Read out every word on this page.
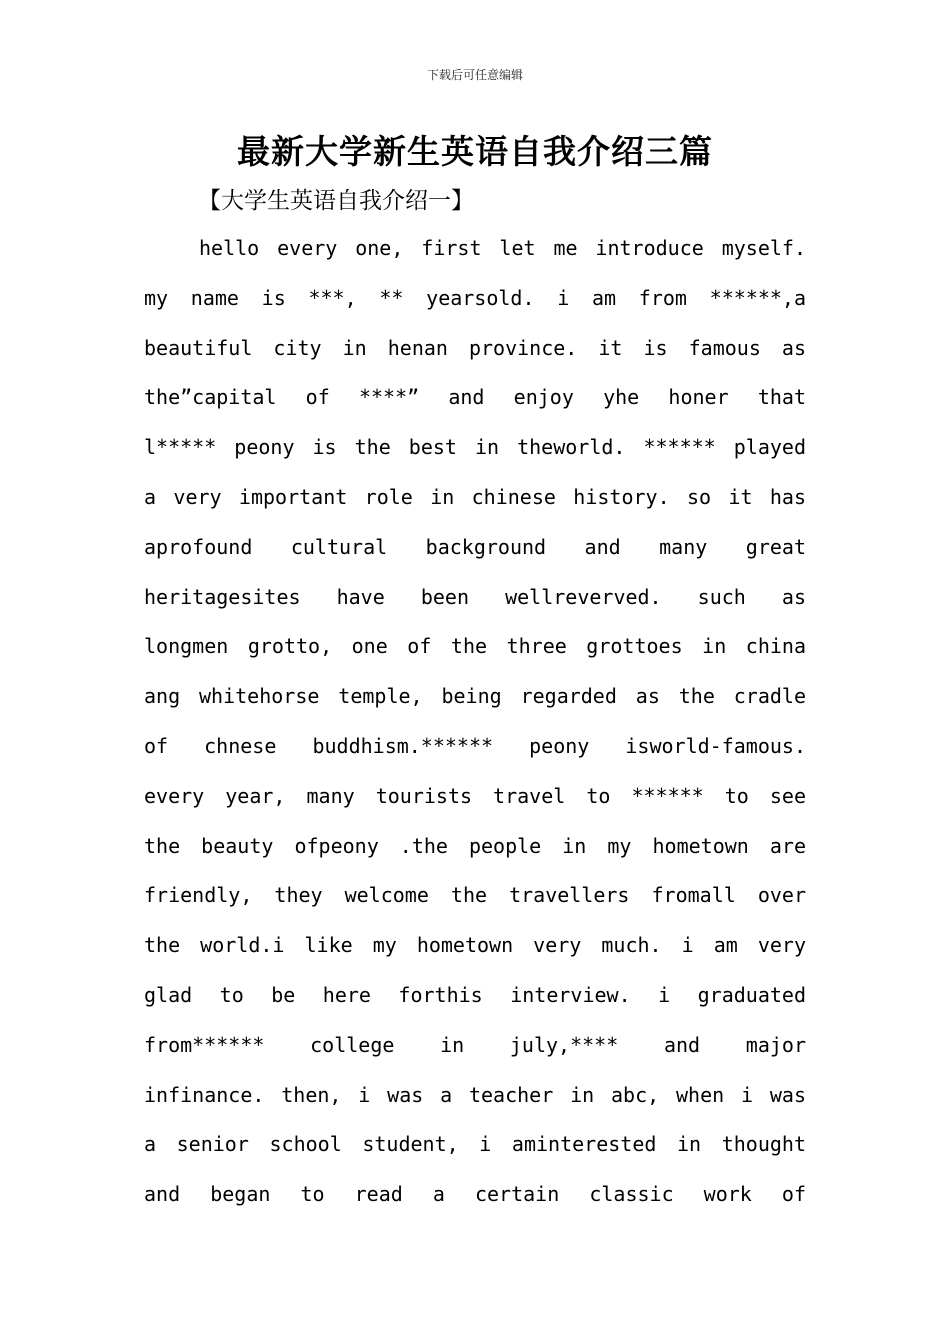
下载后可任意编辑
最新大学新生英语自我介绍三篇
【大学生英语自我介绍一】
hello every one, first let me introduce myself.
my name is ***, ** yearsold. i am from ******,a
beautiful city in henan province. it is famous as
the”capital of ****” and enjoy yhe honer that
l***** peony is the best in theworld. ****** played
a very important role in chinese history. so it has
aprofound cultural background and many great
heritagesites have been wellreverved. such as
longmen grotto, one of the three grottoes in china
ang whitehorse temple, being regarded as the cradle
of chnese buddhism.****** peony isworld-famous.
every year, many tourists travel to ****** to see
the beauty ofpeony .the people in my hometown are
friendly, they welcome the travellers fromall over
the world.i like my hometown very much. i am very
glad to be here forthis interview. i graduated
from****** college in july,**** and major
infinance. then, i was a teacher in abc, when i was
a senior school student, i aminterested in thought
and began to read a certain classic work of
